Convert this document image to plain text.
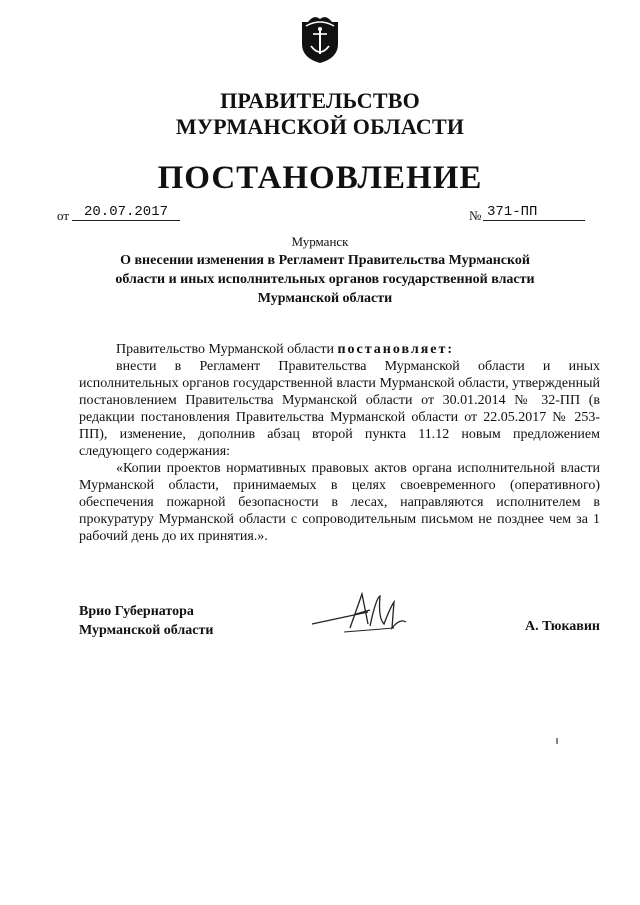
ПРАВИТЕЛЬСТВО
МУРМАНСКОЙ ОБЛАСТИ
ПОСТАНОВЛЕНИЕ
от	20.07.2017	№ 371-ПП
Мурманск
О внесении изменения в Регламент Правительства Мурманской области и иных исполнительных органов государственной власти Мурманской области

Правительство Мурманской области постановляет:

внести в Регламент Правительства Мурманской области и иных исполнительных органов государственной власти Мурманской области, утвержденный постановлением Правительства Мурманской области от 30.01.2014 № 32-ПП (в редакции постановления Правительства Мурманской области от 22.05.2017 № 253-ПП), изменение, дополнив абзац второй пункта 11.12 новым предложением следующего содержания:

«Копии проектов нормативных правовых актов органа исполнительной власти Мурманской области, принимаемых в целях своевременного (оперативного) обеспечения пожарной безопасности в лесах, направляются исполнителем в прокуратуру Мурманской области с сопроводительным письмом не позднее чем за 1 рабочий день до их принятия.».

Врио Губернатора
Мурманской области	А. Тюкавин
